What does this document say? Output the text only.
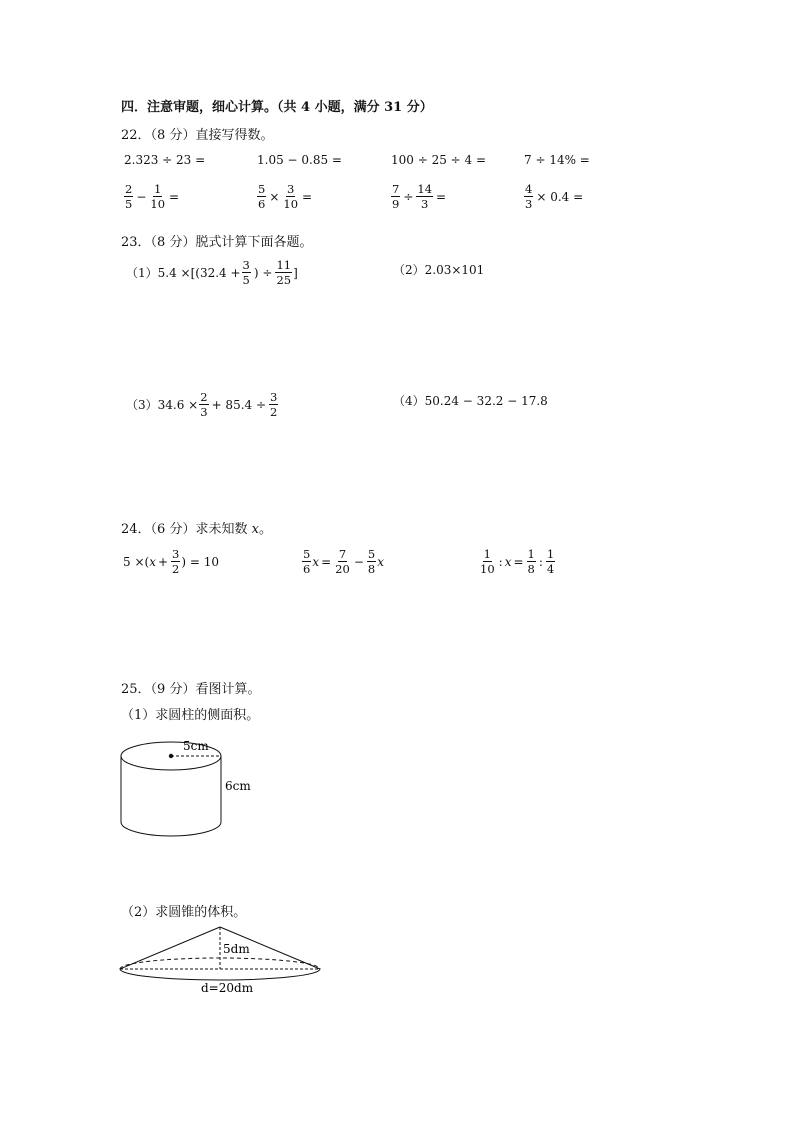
四．注意审题，细心计算。（共 4 小题，满分 31 分）
22．（8 分）直接写得数。
2.323 ÷ 23 =	1.05 − 0.85 =	100 ÷ 25 ÷ 4 =	7 ÷ 14% =
$\frac{2}{5} - \frac{1}{10}$ =	$\frac{5}{6} \times \frac{3}{10}$ =	$\frac{7}{9} \div \frac{14}{3}$ =	$\frac{4}{3} \times 0.4$ =
23．（8 分）脱式计算下面各题。
（1） $5.4 \times[(32.4 + \frac{3}{5}$ ) ÷ $\frac{11}{25}$ ]	（2） 2.03×101
（3） $34.6 \times \frac{2}{3} + 85.4 \div \frac{3}{2}$	（4） 50.24 − 32.2 − 17.8
24．（6 分）求未知数 x。
5 ×( $x + \frac{3}{2}$ ) = 10	$\frac{5}{6}$ $x = \frac{7}{20} - \frac{5}{8}$ x	$\frac{1}{10}$ : $x = \frac{1}{8}$ : $\frac{1}{4}$
25．（9 分）看图计算。
（1）求圆柱的侧面积。
5cm
6cm
（2）求圆锥的体积。
5dm
d=20dm
